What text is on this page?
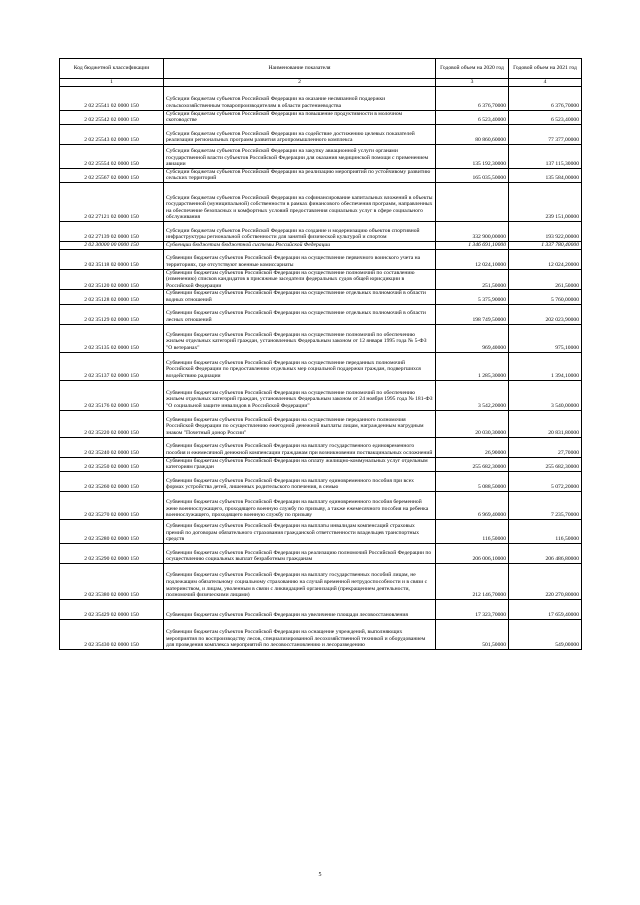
Код бюджетной классификации	Наименование показателя	Годовой объем на 2020 год	Годовой объем на 2021 год
1	2	3	4
2 02 25541 02 0000 150	Субсидии бюджетам субъектов Российской Федерации на оказание несвязанной поддержки сельскохозяйственным товаропроизводителям в области растениеводства	6 376,70000	6 376,70000
2 02 25542 02 0000 150	Субсидии бюджетам субъектов Российской Федерации на повышение продуктивности в молочном скотоводстве	6 523,40000	6 523,40000
2 02 25543 02 0000 150	Субсидии бюджетам субъектов Российской Федерации на содействие достижению целевых показателей реализации региональных программ развития агропромышленного комплекса	80 860,60000	77 377,00000
2 02 25554 02 0000 150	Субсидии бюджетам субъектов Российской Федерации на закупку авиационной услуги органами государственной власти субъектов Российской Федерации для оказания медицинской помощи с применением авиации	135 192,30000	137 115,30000
2 02 25567 02 0000 150	Субсидии бюджетам субъектов Российской Федерации на реализацию мероприятий по устойчивому развитию сельских территорий	165 035,50000	135 584,00000
2 02 27121 02 0000 150	Субсидии бюджетам субъектов Российской Федерации на софинансирование капитальных вложений в объекты государственной (муниципальной) собственности в рамках финансового обеспечения программ, направленных на обеспечение безопасных и комфортных условий предоставления социальных услуг в сфере социального обслуживания		239 151,00000
2 02 27139 02 0000 150	Субсидии бюджетам субъектов Российской Федерации на создание и модернизацию объектов спортивной инфраструктуры региональной собственности для занятий физической культурой и спортом	332 900,00000	193 922,00000
2 02 30000 00 0000 150	Субвенции бюджетам бюджетной системы Российской Федерации	1 346 691,10000	1 337 780,40000
2 02 35118 02 0000 150	Субвенции бюджетам субъектов Российской Федерации на осуществление первичного воинского учета на территориях, где отсутствуют военные комиссариаты	12 024,10000	12 024,20000
2 02 35120 02 0000 150	Субвенции бюджетам субъектов Российской Федерации на осуществление полномочий по составлению (изменению) списков кандидатов в присяжные заседатели федеральных судов общей юрисдикции в Российской Федерации	251,50000	261,50000
2 02 35128 02 0000 150	Субвенции бюджетам субъектов Российской Федерации на осуществление отдельных полномочий в области водных отношений	5 375,90000	5 760,00000
2 02 35129 02 0000 150	Субвенции бюджетам субъектов Российской Федерации на осуществление отдельных полномочий в области лесных отношений	198 749,50000	202 023,90000
2 02 35135 02 0000 150	Субвенции бюджетам субъектов Российской Федерации на осуществление полномочий по обеспечению жильем отдельных категорий граждан, установленных Федеральным законом от 12 января 1995 года № 5-ФЗ "О ветеранах"	969,40000	975,10000
2 02 35137 02 0000 150	Субвенции бюджетам субъектов Российской Федерации на осуществление переданных полномочий Российской Федерации по предоставлению отдельных мер социальной поддержки граждан, подвергшихся воздействию радиации	1 285,30000	1 394,10000
2 02 35176 02 0000 150	Субвенции бюджетам субъектов Российской Федерации на осуществление полномочий по обеспечению жильем отдельных категорий граждан, установленных Федеральным законом от 24 ноября 1995 года № 181-ФЗ "О социальной защите инвалидов в Российской Федерации"	3 542,20000	3 540,00000
2 02 35220 02 0000 150	Субвенции бюджетам субъектов Российской Федерации на осуществление переданного полномочия Российской Федерации по осуществлению ежегодной денежной выплаты лицам, награжденным нагрудным знаком "Почетный донор России"	20 030,30000	20 831,80000
2 02 35240 02 0000 150	Субвенции бюджетам субъектов Российской Федерации на выплату государственного единовременного пособия и ежемесячной денежной компенсации гражданам при возникновении поствакцинальных осложнений	26,90000	27,70000
2 02 35250 02 0000 150	Субвенции бюджетам субъектов Российской Федерации на оплату жилищно-коммунальных услуг отдельным категориям граждан	255 682,30000	255 682,30000
2 02 35260 02 0000 150	Субвенции бюджетам субъектов Российской Федерации на выплату единовременного пособия при всех формах устройства детей, лишенных родительского попечения, в семью	5 088,50000	5 072,20000
2 02 35270 02 0000 150	Субвенции бюджетам субъектов Российской Федерации на выплату единовременного пособия беременной жене военнослужащего, проходящего военную службу по призыву, а также ежемесячного пособия на ребенка военнослужащего, проходящего военную службу по призыву	6 969,40000	7 235,70000
2 02 35280 02 0000 150	Субвенции бюджетам субъектов Российской Федерации на выплаты инвалидам компенсаций страховых премий по договорам обязательного страхования гражданской ответственности владельцев транспортных средств	116,50000	116,50000
2 02 35290 02 0000 150	Субвенции бюджетам субъектов Российской Федерации на реализацию полномочий Российской Федерации по осуществлению социальных выплат безработным гражданам	206 006,10000	206 486,80000
2 02 35380 02 0000 150	Субвенции бюджетам субъектов Российской Федерации на выплату государственных пособий лицам, не подлежащим обязательному социальному страхованию на случай временной нетрудоспособности и в связи с материнством, и лицам, уволенным в связи с ликвидацией организаций (прекращением деятельности, полномочий физическими лицами)	212 146,70000	220 270,80000
2 02 35429 02 0000 150	Субвенции бюджетам субъектов Российской Федерации на увеличение площади лесовосстановления	17 323,70000	17 659,40000
2 02 35430 02 0000 150	Субвенции бюджетам субъектов Российской Федерации на оснащение учреждений, выполняющих мероприятия по воспроизводству лесов, специализированной лесохозяйственной техникой и оборудованием для проведения комплекса мероприятий по лесовосстановлению и лесоразведению	501,50000	549,00000
5
